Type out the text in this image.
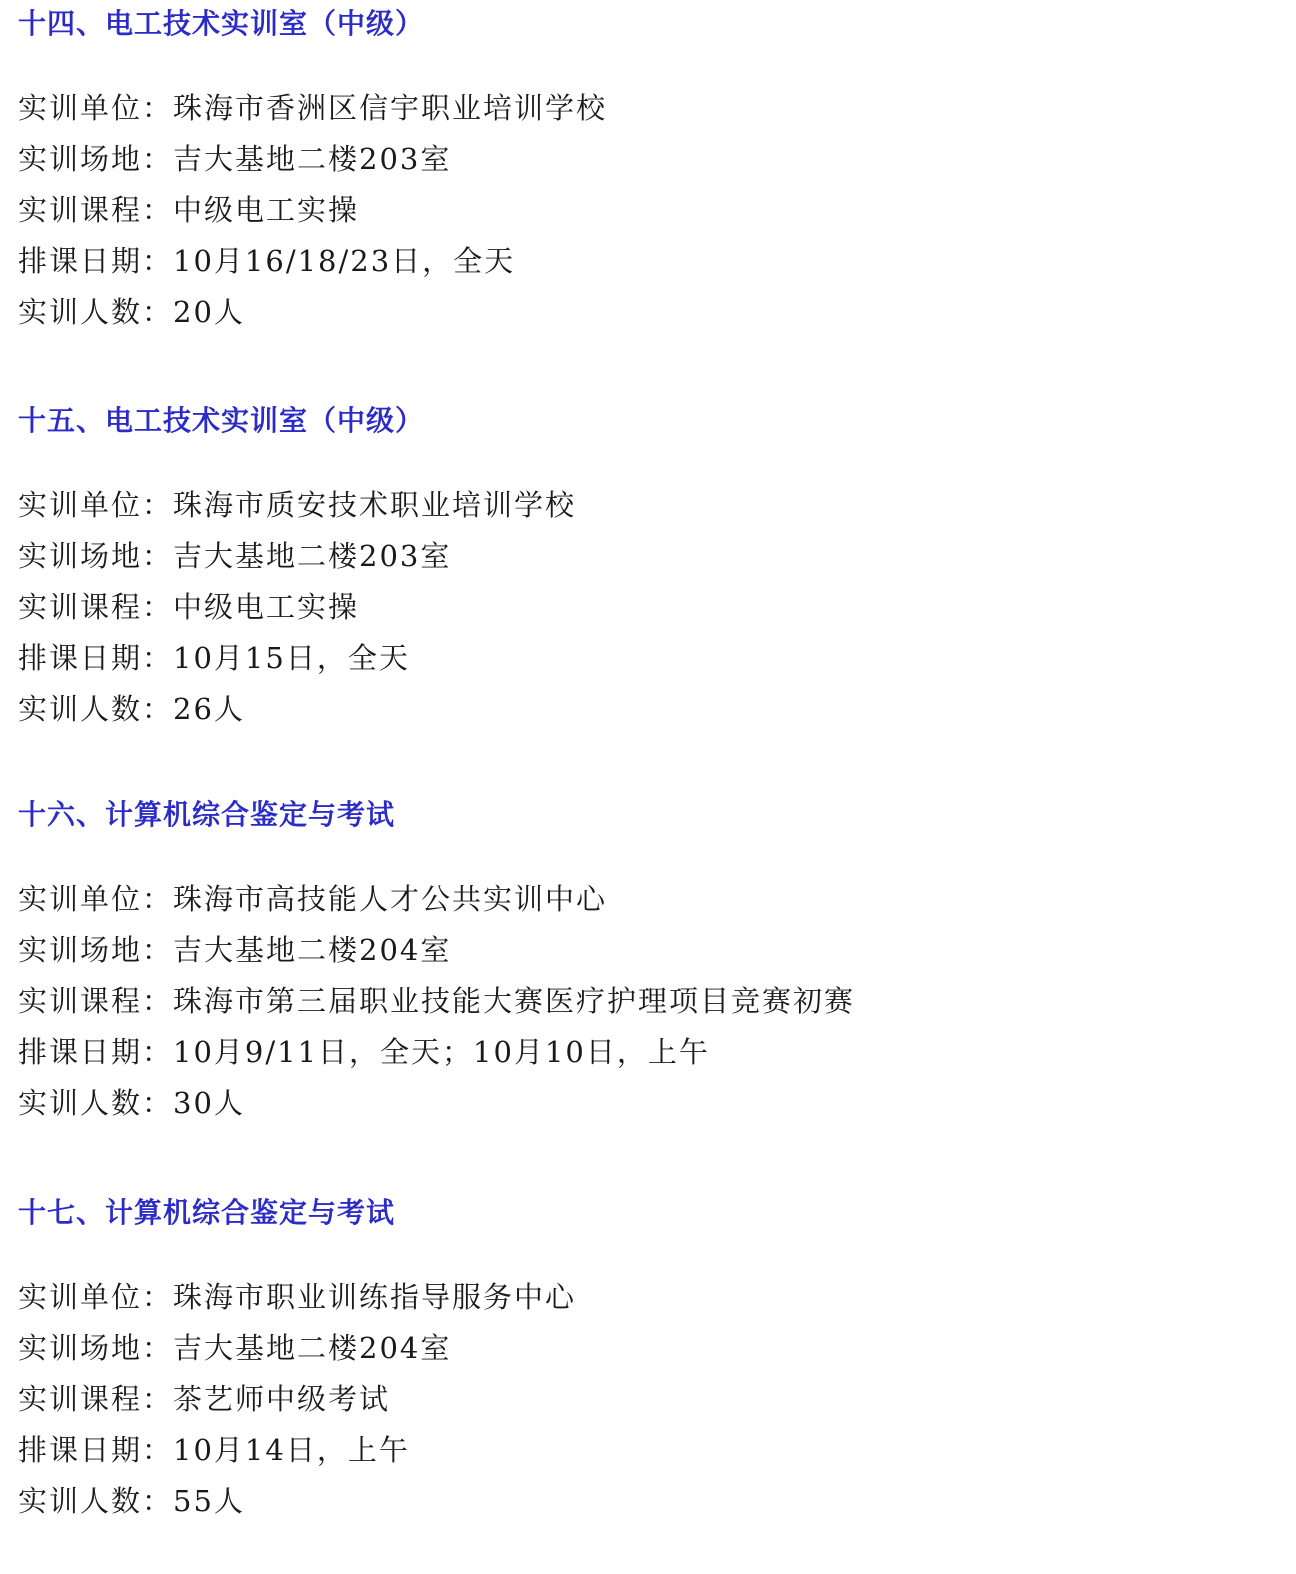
十四、电工技术实训室（中级）
实训单位：珠海市香洲区信宇职业培训学校
实训场地：吉大基地二楼203室
实训课程：中级电工实操
排课日期：10月16/18/23日，全天
实训人数：20人
十五、电工技术实训室（中级）
实训单位：珠海市质安技术职业培训学校
实训场地：吉大基地二楼203室
实训课程：中级电工实操
排课日期：10月15日，全天
实训人数：26人
十六、计算机综合鉴定与考试
实训单位：珠海市高技能人才公共实训中心
实训场地：吉大基地二楼204室
实训课程：珠海市第三届职业技能大赛医疗护理项目竞赛初赛
排课日期：10月9/11日，全天；10月10日，上午
实训人数：30人
十七、计算机综合鉴定与考试
实训单位：珠海市职业训练指导服务中心
实训场地：吉大基地二楼204室
实训课程：茶艺师中级考试
排课日期：10月14日，上午
实训人数：55人
